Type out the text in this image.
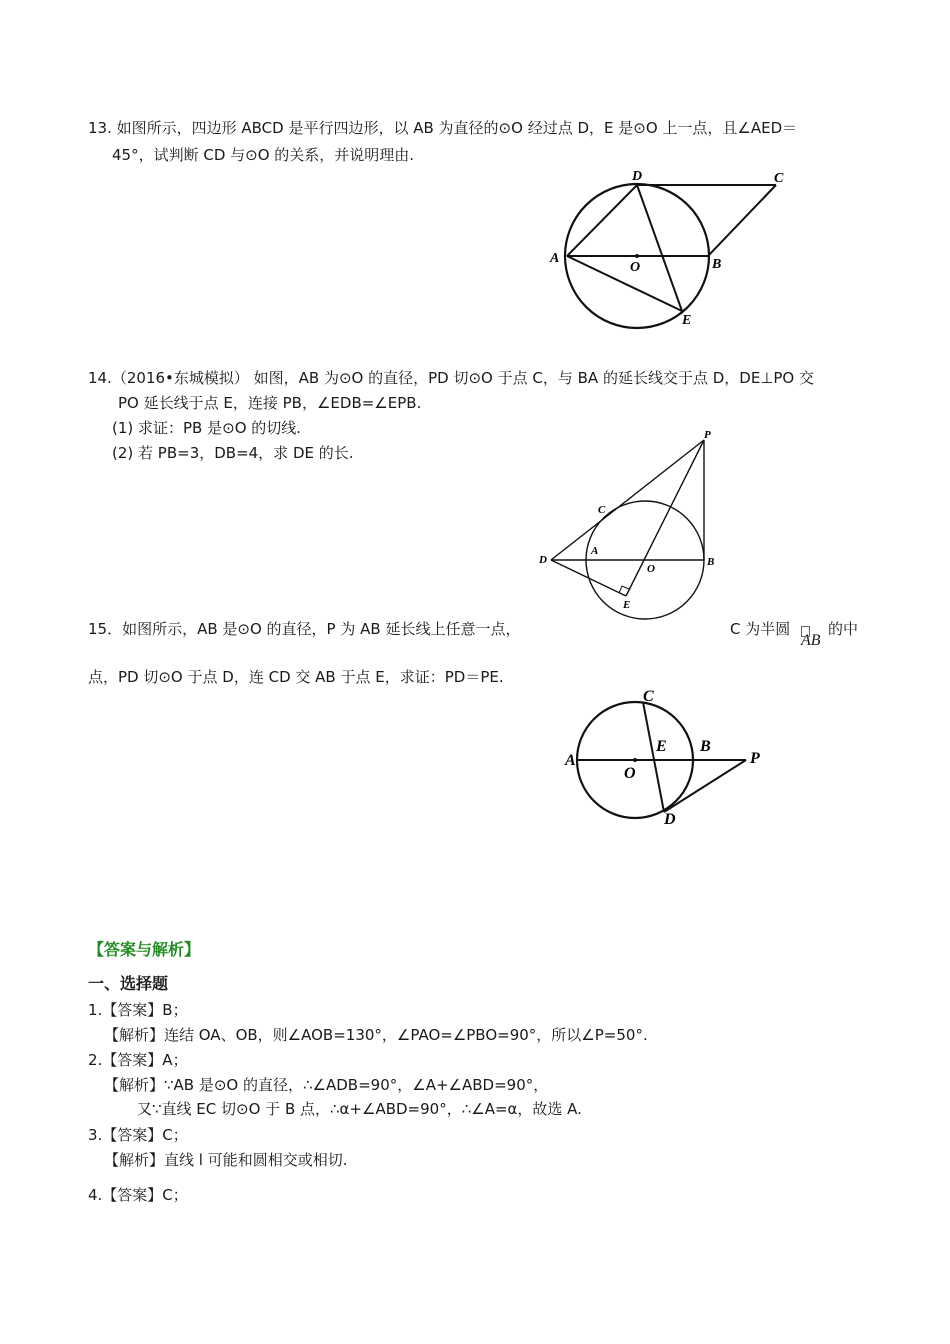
13. 如图所示，四边形 ABCD 是平行四边形，以 AB 为直径的⊙O 经过点 D，E 是⊙O 上一点，且∠AED＝
45°，试判断 CD 与⊙O 的关系，并说明理由.
D	C
A
O	B
E
14.（2016•东城模拟） 如图，AB 为⊙O 的直径，PD 切⊙O 于点 C，与 BA 的延长线交于点 D，DE⊥PO 交
PO 延长线于点 E，连接 PB，∠EDB=∠EPB.
(1) 求证：PB 是⊙O 的切线.
(2) 若 PB=3，DB=4，求 DE 的长.
P
C
D
A
O
B
E
15．如图所示，AB 是⊙O 的直径，P 为 AB 延长线上任意一点，	C 为半圆
AB
的中
点，PD 切⊙O 于点 D，连 CD 交 AB 于点 E，求证：PD＝PE.
C
E B
P
A
O
D
【答案与解析】
一、选择题
1.【答案】B；
【解析】连结 OA、OB，则∠AOB=130°，∠PAO=∠PBO=90°，所以∠P=50°.
2.【答案】A；
【解析】∵AB 是⊙O 的直径，∴∠ADB=90°，∠A+∠ABD=90°，
又∵直线 EC 切⊙O 于 B 点，∴α+∠ABD=90°，∴∠A=α，故选 A.
3.【答案】C；
【解析】直线 l 可能和圆相交或相切.
4.【答案】C；
